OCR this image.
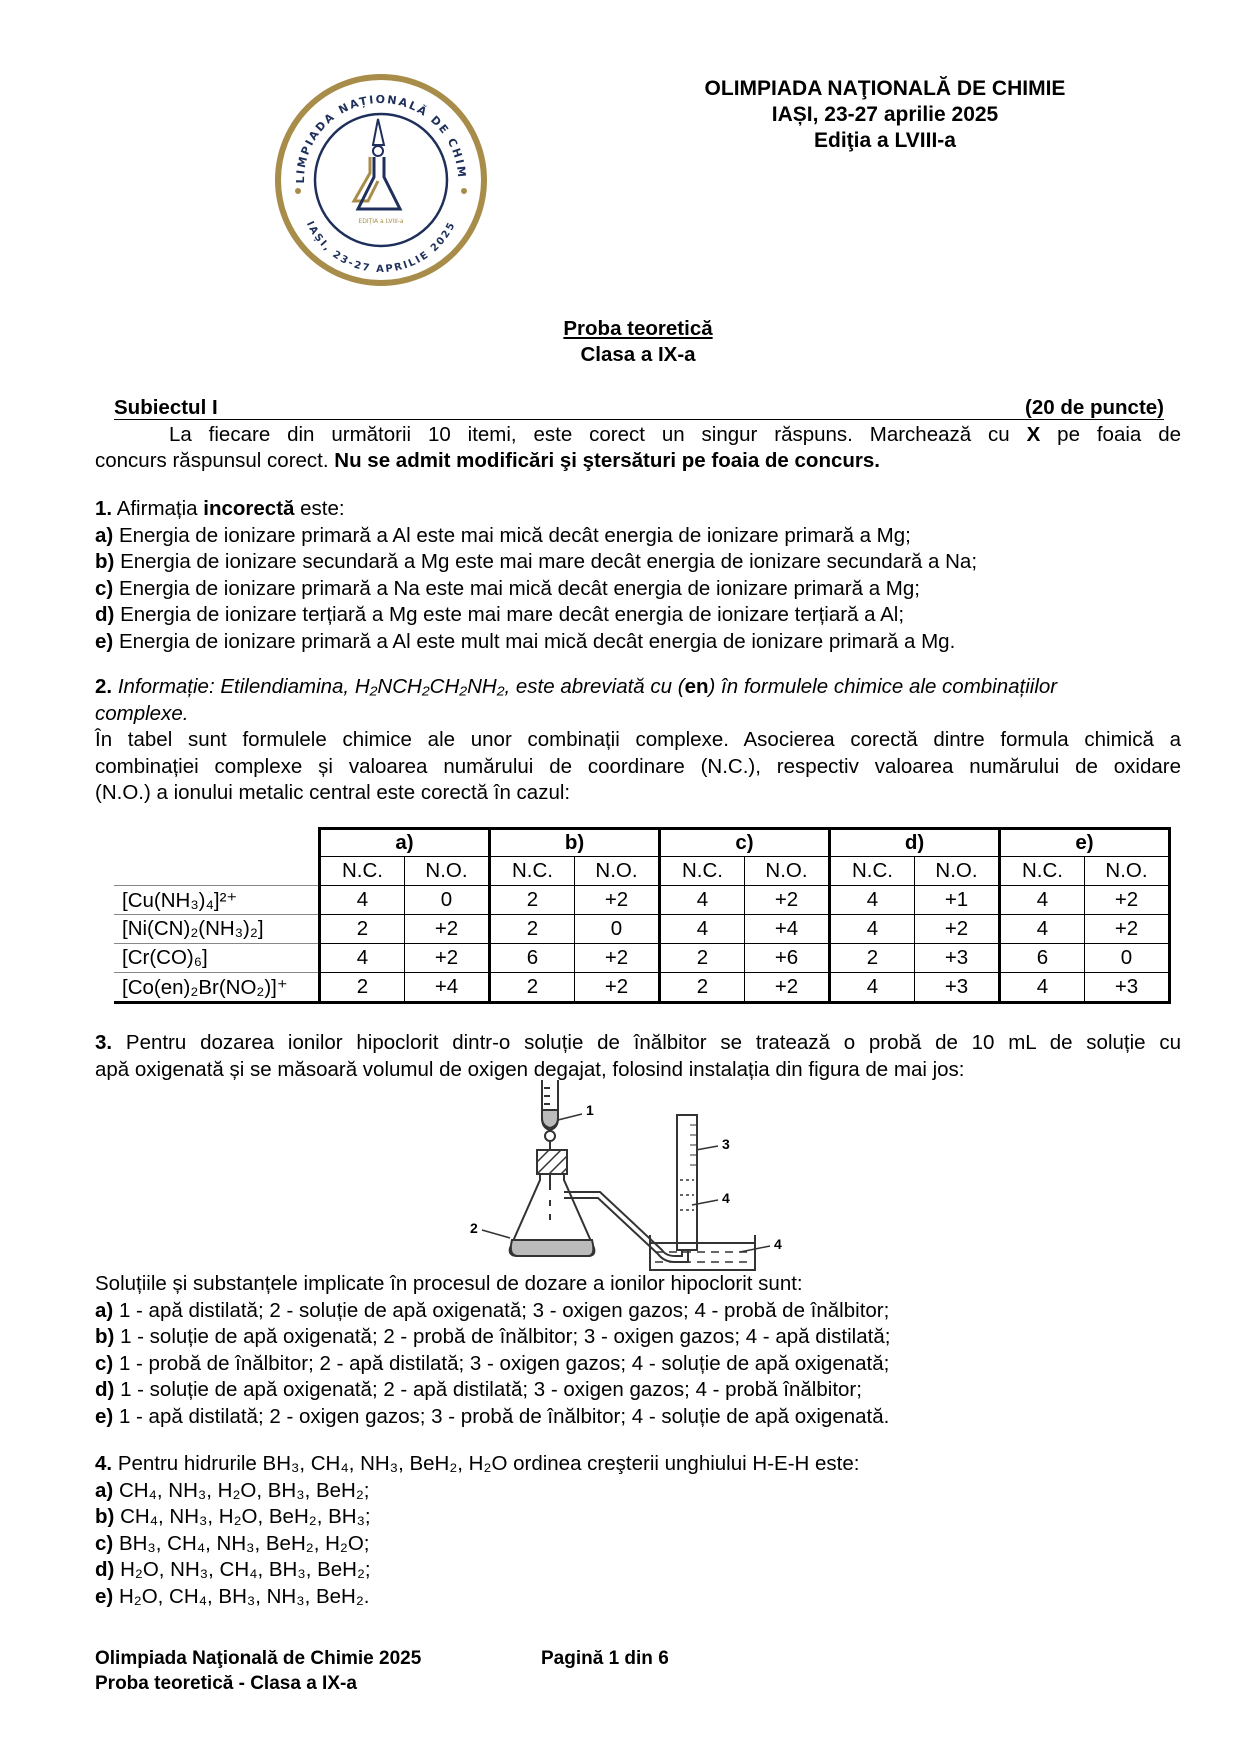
LIMPIADA NAȚIONALĂ DE CHIM
IAȘI, 23-27 APRILIE 2025
EDIȚIA a LVIII-a
OLIMPIADA NAŢIONALĂ DE CHIMIE
IAȘI, 23-27 aprilie 2025
Ediţia a LVIII-a
Proba teoretică
Clasa a IX-a
Subiectul I	(20 de puncte)
La fiecare din următorii 10 itemi, este corect un singur răspuns. Marchează cu X pe foaia de
concurs răspunsul corect. Nu se admit modificări şi ştersături pe foaia de concurs.
1. Afirmația incorectă este:
a) Energia de ionizare primară a Al este mai mică decât energia de ionizare primară a Mg;
b) Energia de ionizare secundară a Mg este mai mare decât energia de ionizare secundară a Na;
c) Energia de ionizare primară a Na este mai mică decât energia de ionizare primară a Mg;
d) Energia de ionizare terțiară a Mg este mai mare decât energia de ionizare terțiară a Al;
e) Energia de ionizare primară a Al este mult mai mică decât energia de ionizare primară a Mg.
2. Informație: Etilendiamina, H₂NCH₂CH₂NH₂, este abreviată cu (en) în formulele chimice ale combinațiilor
complexe.
În tabel sunt formulele chimice ale unor combinații complexe. Asocierea corectă dintre formula chimică a
combinației complexe și valoarea numărului de coordinare (N.C.), respectiv valoarea numărului de oxidare
(N.O.) a ionului metalic central este corectă în cazul:
	a)		b)		c)		d)		e)	
	N.C.	N.O.	N.C.	N.O.	N.C.	N.O.	N.C.	N.O.	N.C.	N.O.
[Cu(NH₃)₄]²⁺	4	0	2	+2	4	+2	4	+1	4	+2
[Ni(CN)₂(NH₃)₂]	2	+2	2	0	4	+4	4	+2	4	+2
[Cr(CO)₆]	4	+2	6	+2	2	+6	2	+3	6	0
[Co(en)₂Br(NO₂)]⁺	2	+4	2	+2	2	+2	4	+3	4	+3
3. Pentru dozarea ionilor hipoclorit dintr-o soluție de înălbitor se tratează o probă de 10 mL de soluție cu
apă oxigenată și se măsoară volumul de oxigen degajat, folosind instalația din figura de mai jos:
1
2
3
4
4
Soluțiile și substanțele implicate în procesul de dozare a ionilor hipoclorit sunt:
a) 1 - apă distilată; 2 - soluție de apă oxigenată; 3 - oxigen gazos; 4 - probă de înălbitor;
b) 1 - soluție de apă oxigenată; 2 - probă de înălbitor; 3 - oxigen gazos; 4 - apă distilată;
c) 1 - probă de înălbitor; 2 - apă distilată; 3 - oxigen gazos; 4 - soluție de apă oxigenată;
d) 1 - soluție de apă oxigenată; 2 - apă distilată; 3 - oxigen gazos; 4 - probă înălbitor;
e) 1 - apă distilată; 2 - oxigen gazos; 3 - probă de înălbitor; 4 - soluție de apă oxigenată.
4. Pentru hidrurile BH₃, CH₄, NH₃, BeH₂, H₂O ordinea creşterii unghiului H-E-H este:
a) CH₄, NH₃, H₂O, BH₃, BeH₂;
b) CH₄, NH₃, H₂O, BeH₂, BH₃;
c) BH₃, CH₄, NH₃, BeH₂, H₂O;
d) H₂O, NH₃, CH₄, BH₃, BeH₂;
e) H₂O, CH₄, BH₃, NH₃, BeH₂.
Olimpiada Naţională de Chimie 2025
Proba teoretică - Clasa a IX-a
Pagină 1 din 6
